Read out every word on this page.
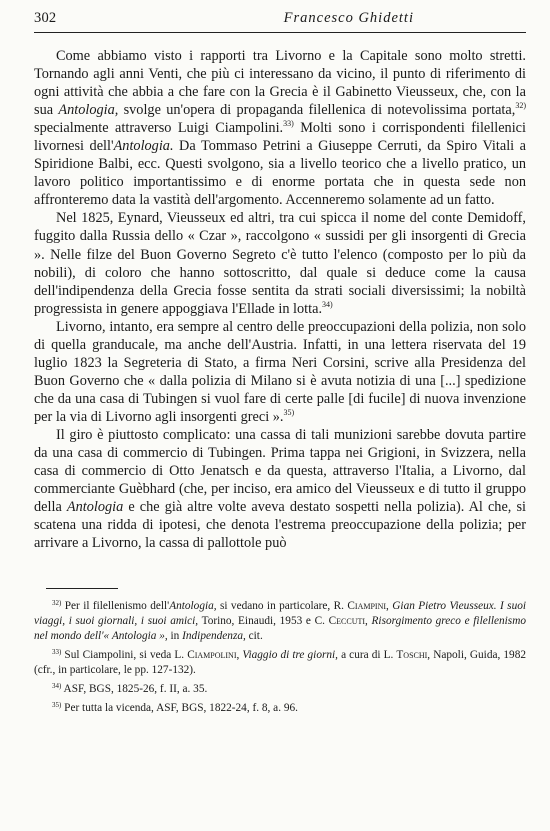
302	Francesco Ghidetti

Come abbiamo visto i rapporti tra Livorno e la Capitale sono molto stretti. Tornando agli anni Venti, che più ci interessano da vicino, il punto di riferimento di ogni attività che abbia a che fare con la Grecia è il Gabinetto Vieusseux, che, con la sua Antologia, svolge un'opera di propaganda filellenica di notevolissima portata,$^{32)}$ specialmente attraverso Luigi Ciampolini.$^{33)}$ Molti sono i corrispondenti filellenici livornesi dell'Antologia. Da Tommaso Petrini a Giuseppe Cerruti, da Spiro Vitali a Spiridione Balbi, ecc. Questi svolgono, sia a livello teorico che a livello pratico, un lavoro politico importantissimo e di enorme portata che in questa sede non affronteremo data la vastità dell'argomento. Accenneremo solamente ad un fatto.

Nel 1825, Eynard, Vieusseux ed altri, tra cui spicca il nome del conte Demidoff, fuggito dalla Russia dello « Czar », raccolgono « sussidi per gli insorgenti di Grecia ». Nelle filze del Buon Governo Segreto c'è tutto l'elenco (composto per lo più da nobili), di coloro che hanno sottoscritto, dal quale si deduce come la causa dell'indipendenza della Grecia fosse sentita da strati sociali diversissimi; la nobiltà progressista in genere appoggiava l'Ellade in lotta.$^{34)}$

Livorno, intanto, era sempre al centro delle preoccupazioni della polizia, non solo di quella granducale, ma anche dell'Austria. Infatti, in una lettera riservata del 19 luglio 1823 la Segreteria di Stato, a firma Neri Corsini, scrive alla Presidenza del Buon Governo che « dalla polizia di Milano si è avuta notizia di una [...] spedizione che da una casa di Tubingen si vuol fare di certe palle [di fucile] di nuova invenzione per la via di Livorno agli insorgenti greci ».$^{35)}$

Il giro è piuttosto complicato: una cassa di tali munizioni sarebbe dovuta partire da una casa di commercio di Tubingen. Prima tappa nei Grigioni, in Svizzera, nella casa di commercio di Otto Jenatsch e da questa, attraverso l'Italia, a Livorno, dal commerciante Guèbhard (che, per inciso, era amico del Vieusseux e di tutto il gruppo della Antologia e che già altre volte aveva destato sospetti nella polizia). Al che, si scatena una ridda di ipotesi, che denota l'estrema preoccupazione della polizia; per arrivare a Livorno, la cassa di pallottole può

$^{32)}$ Per il filellenismo dell'Antologia, si vedano in particolare, R. Ciampini, Gian Pietro Vieusseux. I suoi viaggi, i suoi giornali, i suoi amici, Torino, Einaudi, 1953 e C. Ceccuti, Risorgimento greco e filellenismo nel mondo dell'« Antologia », in Indipendenza, cit.

$^{33)}$ Sul Ciampolini, si veda L. Ciampolini, Viaggio di tre giorni, a cura di L. Toschi, Napoli, Guida, 1982 (cfr., in particolare, le pp. 127-132).

$^{34)}$ ASF, BGS, 1825-26, f. II, a. 35.

$^{35)}$ Per tutta la vicenda, ASF, BGS, 1822-24, f. 8, a. 96.
